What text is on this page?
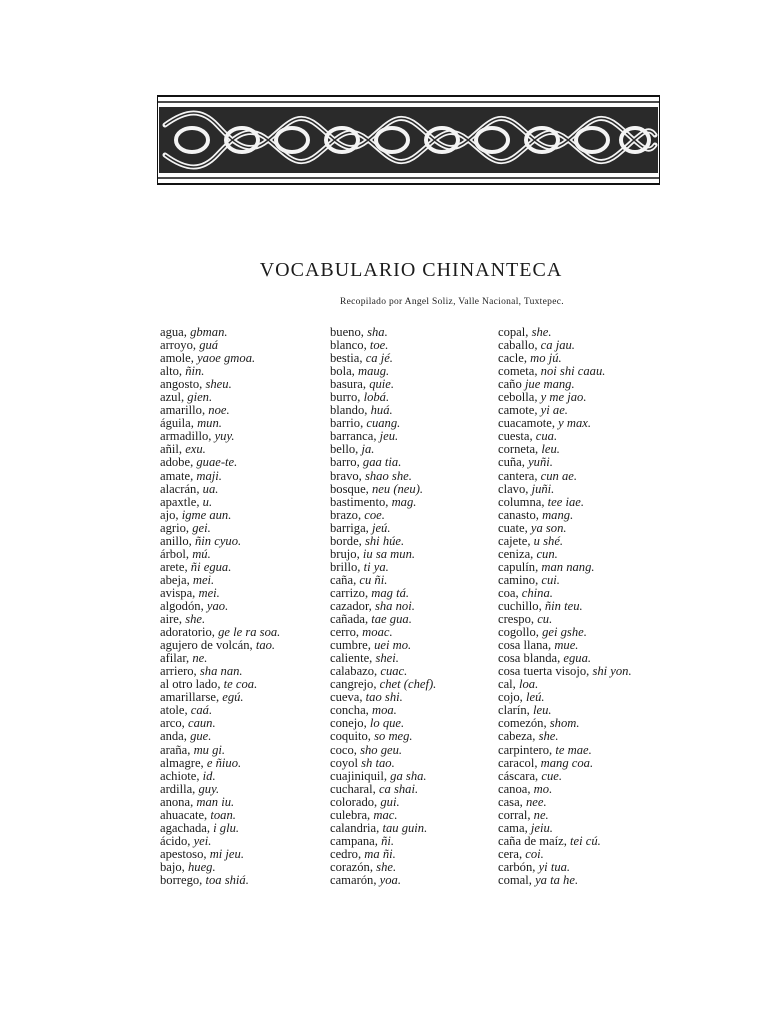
VOCABULARIO CHINANTECA
Recopilado por Angel Soliz, Valle Nacional, Tuxtepec.
agua, gbman.
arroyo, guá
amole, yaoe gmoa.
alto, ñin.
angosto, sheu.
azul, gien.
amarillo, noe.
águila, mun.
armadillo, yuy.
añil, exu.
adobe, guae-te.
amate, maji.
alacrán, ua.
apaxtle, u.
ajo, igme aun.
agrio, gei.
anillo, ñin cyuo.
árbol, mú.
arete, ñi egua.
abeja, mei.
avispa, mei.
algodón, yao.
aire, she.
adoratorio, ge le ra soa.
agujero de volcán, tao.
afilar, ne.
arriero, sha nan.
al otro lado, te coa.
amarillarse, egú.
atole, caá.
arco, caun.
anda, gue.
araña, mu gi.
almagre, e ñiuo.
achiote, id.
ardilla, guy.
anona, man iu.
ahuacate, toan.
agachada, i glu.
ácido, yei.
apestoso, mi jeu.
bajo, hueg.
borrego, toa shiá.
bueno, sha.
blanco, toe.
bestia, ca jé.
bola, maug.
basura, quie.
burro, lobá.
blando, huá.
barrio, cuang.
barranca, jeu.
bello, ja.
barro, gaa tia.
bravo, shao she.
bosque, neu (neu).
bastimento, mag.
brazo, coe.
barriga, jeú.
borde, shi húe.
brujo, iu sa mun.
brillo, ti ya.
caña, cu ñi.
carrizo, mag tá.
cazador, sha noi.
cañada, tae gua.
cerro, moac.
cumbre, uei mo.
caliente, shei.
calabazo, cuac.
cangrejo, chet (chef).
cueva, tao shi.
concha, moa.
conejo, lo que.
coquito, so meg.
coco, sho geu.
coyol sh tao.
cuajiniquil, ga sha.
cucharal, ca shai.
colorado, gui.
culebra, mac.
calandria, tau guin.
campana, ñi.
cedro, ma ñi.
corazón, she.
camarón, yoa.
copal, she.
caballo, ca jau.
cacle, mo jú.
cometa, noi shi caau.
caño jue mang.
cebolla, y me jao.
camote, yi ae.
cuacamote, y max.
cuesta, cua.
corneta, leu.
cuña, yuñi.
cantera, cun ae.
clavo, juñi.
columna, tee iae.
canasto, mang.
cuate, ya son.
cajete, u shé.
ceniza, cun.
capulín, man nang.
camino, cui.
coa, china.
cuchillo, ñin teu.
crespo, cu.
cogollo, gei gshe.
cosa llana, mue.
cosa blanda, egua.
cosa tuerta visojo, shi yon.
cal, loa.
cojo, leú.
clarín, leu.
comezón, shom.
cabeza, she.
carpintero, te mae.
caracol, mang coa.
cáscara, cue.
canoa, mo.
casa, nee.
corral, ne.
cama, jeiu.
caña de maíz, tei cú.
cera, coi.
carbón, yi tua.
comal, ya ta he.
